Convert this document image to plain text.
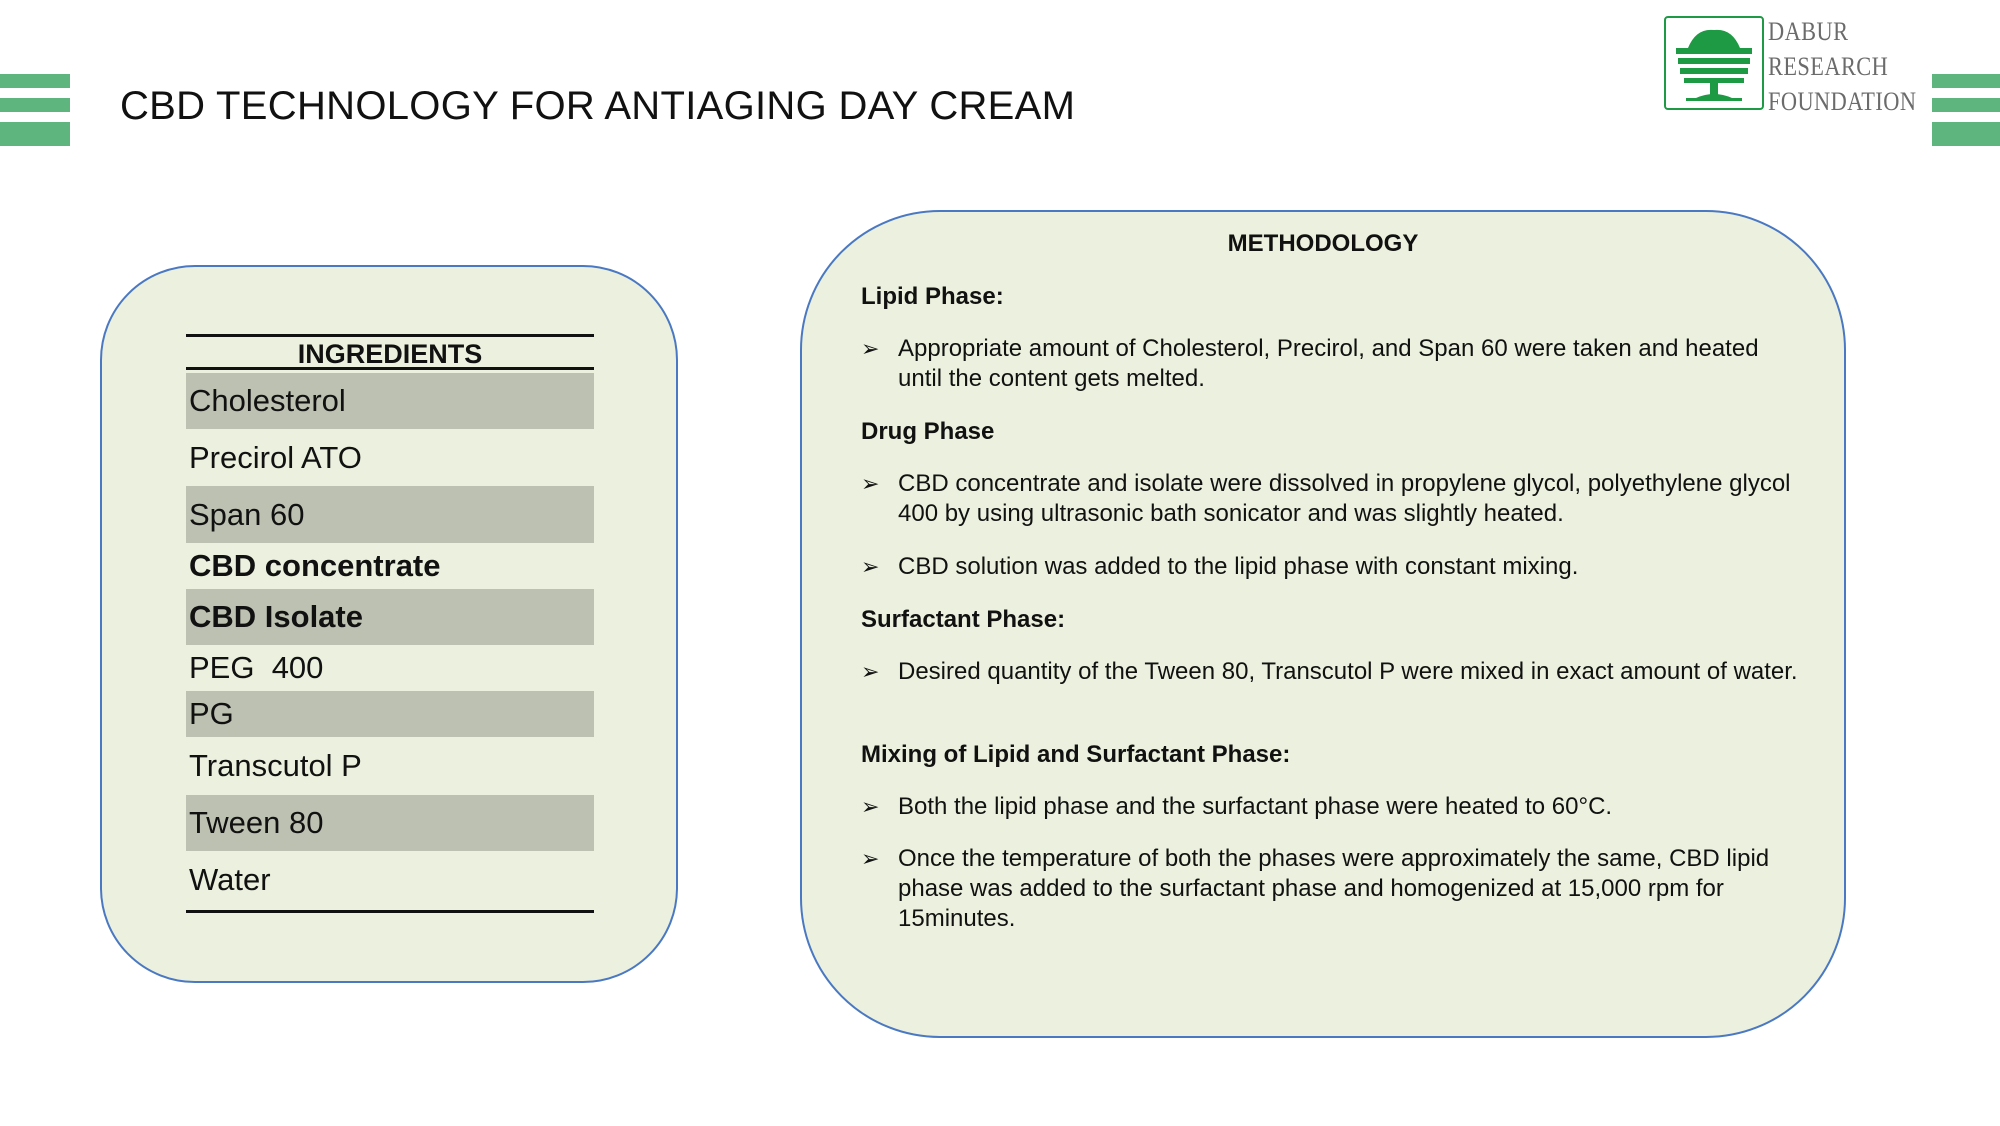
CBD TECHNOLOGY FOR ANTIAGING DAY CREAM
DABUR
RESEARCH
FOUNDATION
INGREDIENTS
Cholesterol
Precirol ATO
Span 60
CBD concentrate
CBD Isolate
PEG  400
PG
Transcutol P
Tween 80
Water
METHODOLOGY
Lipid Phase:
➢ Appropriate amount of Cholesterol, Precirol, and Span 60 were taken and heated until the content gets melted.
Drug Phase
➢ CBD concentrate and isolate were dissolved in propylene glycol, polyethylene glycol 400 by using ultrasonic bath sonicator and was slightly heated.
➢ CBD solution was added to the lipid phase with constant mixing.
Surfactant Phase:
➢ Desired quantity of the Tween 80, Transcutol P were mixed in exact amount of water.
Mixing of Lipid and Surfactant Phase:
➢ Both the lipid phase and the surfactant phase were heated to 60°C.
➢ Once the temperature of both the phases were approximately the same, CBD lipid phase was added to the surfactant phase and homogenized at 15,000 rpm for 15minutes.
